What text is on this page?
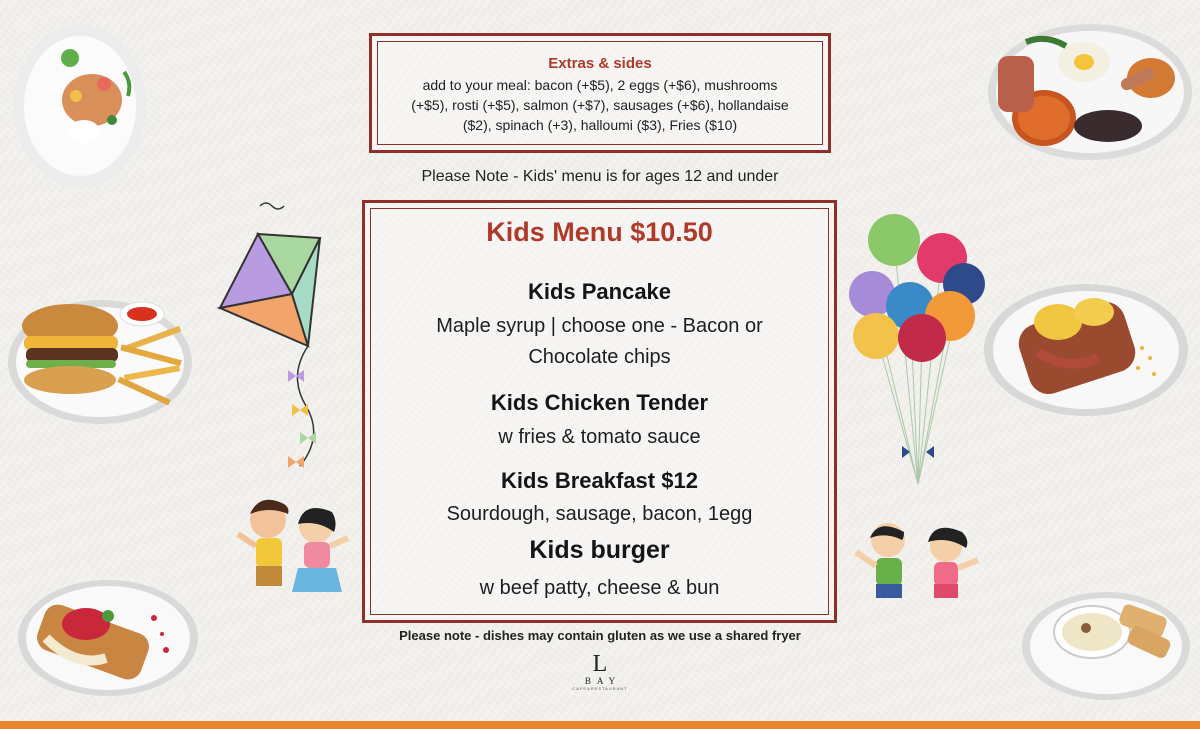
Extras & sides
add to your meal: bacon (+$5), 2 eggs (+$6), mushrooms
(+$5), rosti (+$5), salmon (+$7), sausages (+$6), hollandaise
($2), spinach (+3), halloumi ($3), Fries ($10)
Please Note - Kids' menu is for ages 12 and under
Kids Menu $10.50
Kids Pancake
Maple syrup | choose one - Bacon or
Chocolate chips
Kids Chicken Tender
w fries & tomato sauce
Kids Breakfast $12
Sourdough, sausage, bacon, 1egg
Kids burger
w beef patty, cheese & bun
Please note - dishes may contain gluten as we use a shared fryer
L
BAY
CAFE&RESTAURANT
